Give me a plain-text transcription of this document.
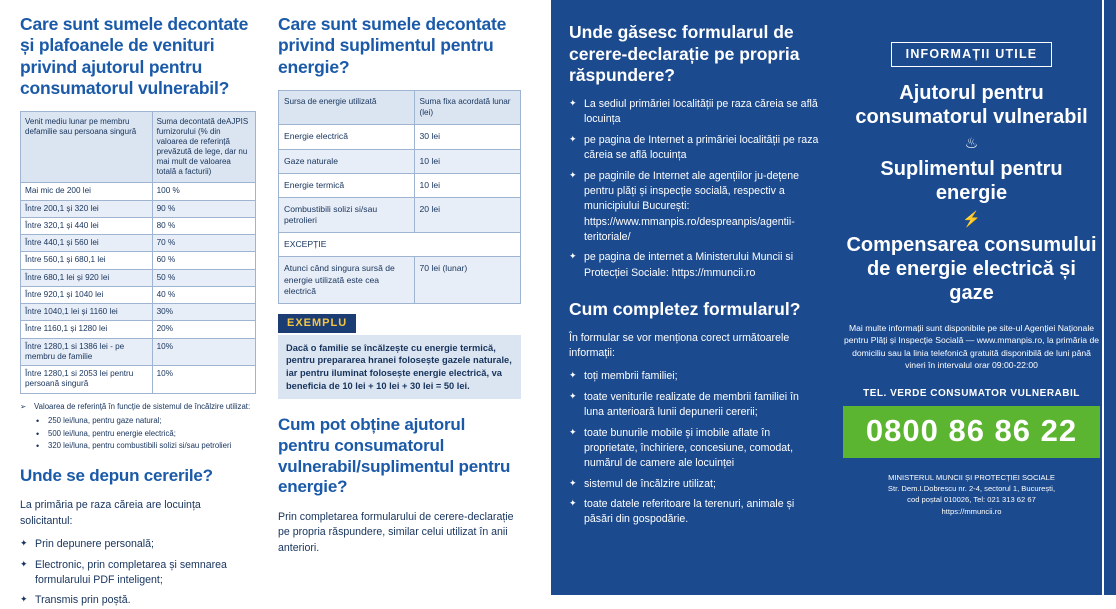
Care sunt sumele decontate și plafoanele de venituri privind ajutorul pentru consumatorul vulnerabil?
Venit mediu lunar pe membru defamilie sau persoana singură	Suma decontată deAJPIS furnizorului (% din valoarea de referință prevăzută de lege, dar nu mai mult de valoarea totală a facturii)
Mai mic de 200 lei	100 %
Între 200,1 și 320 lei	90 %
Între 320,1 și 440 lei	80 %
Între 440,1 și 560 lei	70 %
Între 560,1 și 680,1 lei	60 %
Între 680,1 lei și 920 lei	50 %
Între 920,1 și 1040 lei	40 %
Între 1040,1 lei și 1160 lei	30%
Între 1160,1 și 1280 lei	20%
Între 1280,1 si 1386 lei - pe membru de familie	10%
Între 1280,1 si 2053 lei pentru persoană singură	10%
➢ Valoarea de referință în funcție de sistemul de încălzire utilizat:
• 250 lei/luna, pentru gaze natural;
• 500 lei/luna, pentru energie electrică;
• 320 lei/luna, pentru combustibili solizi si/sau petrolieri
Unde se depun cererile?

La primăria pe raza căreia are locuința solicitantul:

✦ Prin depunere personală;
✦ Electronic, prin completarea și semnarea formularului PDF inteligent;
✦ Transmis prin poștă.
Care sunt sumele decontate privind suplimentul pentru energie?
Sursa de energie utilizată	Suma fixa acordată lunar (lei)
Energie electrică	30 lei
Gaze naturale	10 lei
Energie termică	10 lei
Combustibili solizi si/sau petrolieri	20 lei
EXCEPȚIE	
Atunci când singura sursă de energie utilizată este cea electrică	70 lei (lunar)
EXEMPLU
Dacă o familie se încălzește cu energie termică, pentru prepararea hranei folosește gazele naturale, iar pentru iluminat folosește energie electrică, va beneficia de 10 lei + 10 lei + 30 lei = 50 lei.
Cum pot obține ajutorul pentru consumatorul vulnerabil/suplimentul pentru energie?

Prin completarea formularului de cerere-declarație pe propria răspundere, similar celui utilizat în anii anteriori.

Unde găsesc formularul de cerere-declarație pe propria răspundere?
✦ La sediul primăriei localității pe raza căreia se află locuința
✦ pe pagina de Internet a primăriei localității pe raza căreia se află locuința
✦ pe paginile de Internet ale agențiilor ju-dețene pentru plăți și inspecție socială, respectiv a municipiului București: https://www.mmanpis.ro/despreanpis/agentii-teritoriale/
✦ pe pagina de internet a Ministerului Muncii si Protecției Sociale: https://mmuncii.ro
Cum completez formularul?

În formular se vor menționa corect următoarele informații:

✦ toți membrii familiei;
✦ toate veniturile realizate de membrii familiei în luna anterioară lunii depunerii cererii;
✦ toate bunurile mobile și imobile aflate în proprietate, închiriere, concesiune, comodat, numărul de camere ale locuinței
✦ sistemul de încălzire utilizat;
✦ toate datele referitoare la terenuri, animale și păsări din gospodărie.
INFORMAȚII UTILE
Ajutorul pentru consumatorul vulnerabil
♨
Suplimentul pentru energie
⚡
Compensarea consumului de energie electrică și gaze
Mai multe informații sunt disponibile pe site-ul Agenției Naționale pentru Plăți și Inspecție Socială — www.mmanpis.ro, la primăria de domiciliu sau la linia telefonică gratuită disponibilă de luni până vineri în intervalul orar 09:00-22:00
TEL. VERDE CONSUMATOR VULNERABIL
0800 86 86 22
MINISTERUL MUNCII ȘI PROTECȚIEI SOCIALE
Str. Dem.I.Dobrescu nr. 2-4, sectorul 1, București,
cod poștal 010026, Tel: 021 313 62 67
https://mmuncii.ro
